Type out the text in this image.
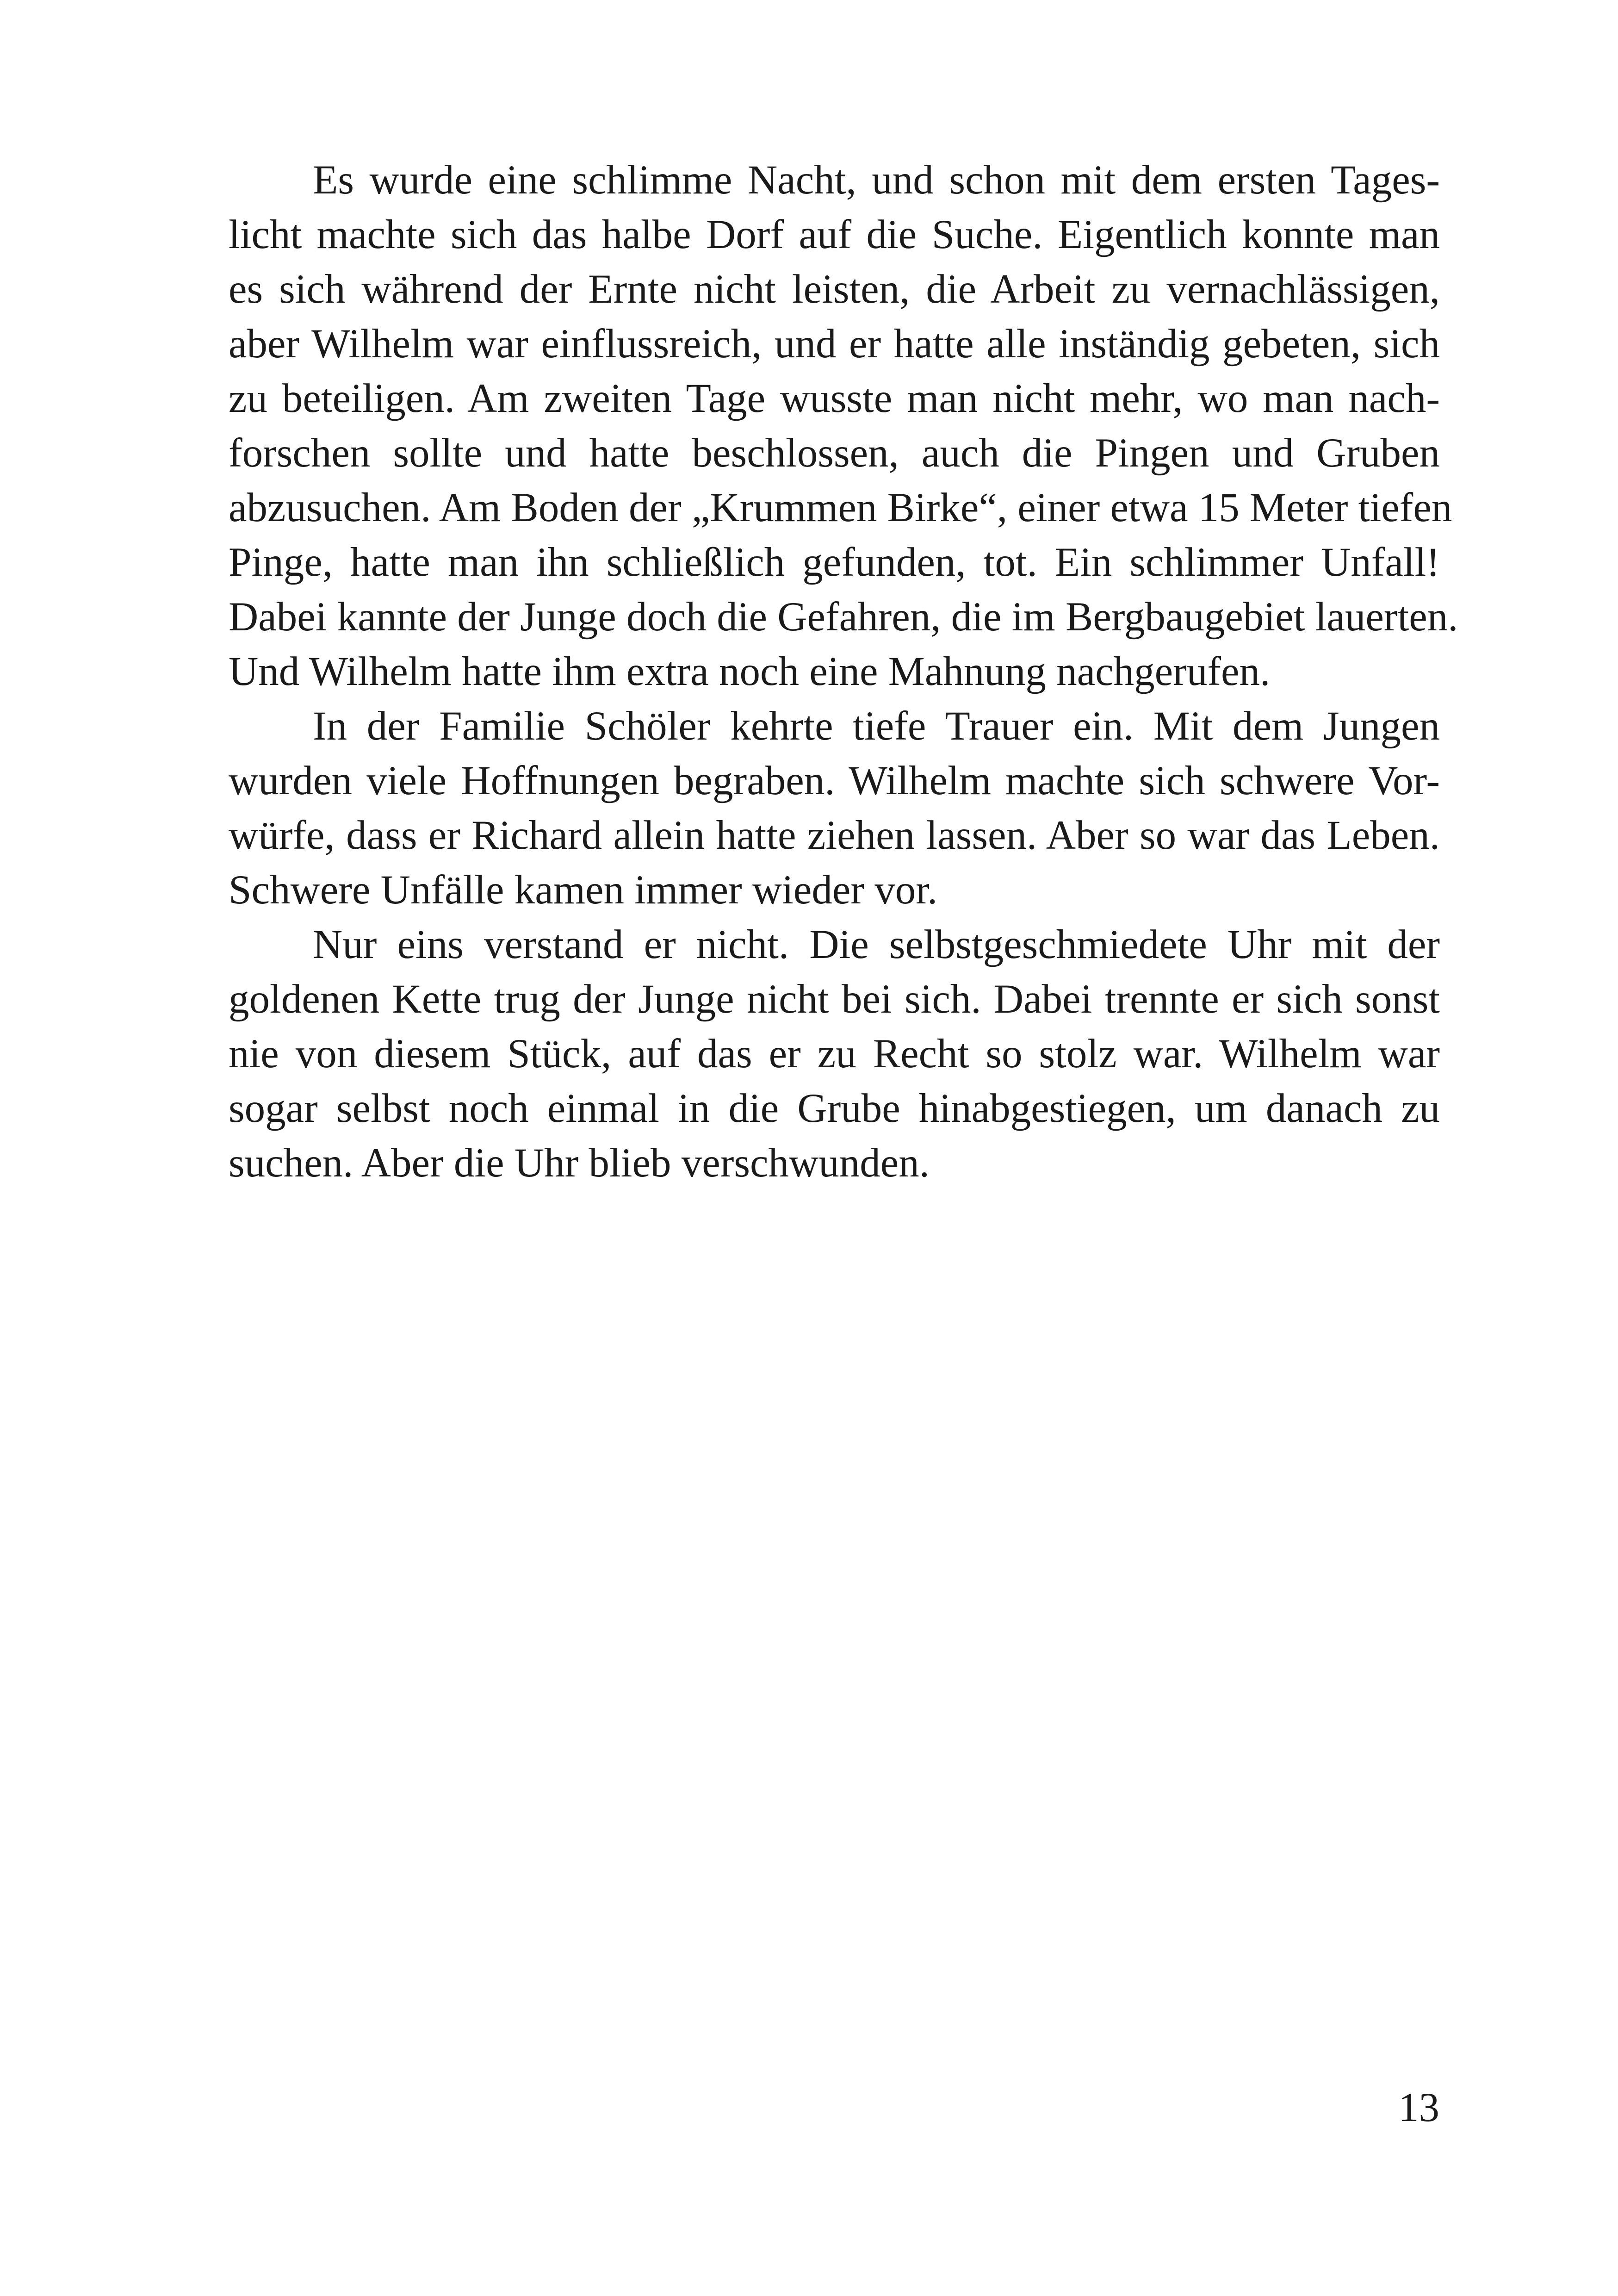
Es wurde eine schlimme Nacht, und schon mit dem ersten Tages-
licht machte sich das halbe Dorf auf die Suche. Eigentlich konnte man
es sich während der Ernte nicht leisten, die Arbeit zu vernachlässigen,
aber Wilhelm war einflussreich, und er hatte alle inständig gebeten, sich
zu beteiligen. Am zweiten Tage wusste man nicht mehr, wo man nach-
forschen sollte und hatte beschlossen, auch die Pingen und Gruben
abzusuchen. Am Boden der „Krummen Birke“, einer etwa 15 Meter tiefen
Pinge, hatte man ihn schließlich gefunden, tot. Ein schlimmer Unfall!
Dabei kannte der Junge doch die Gefahren, die im Bergbaugebiet lauerten.
Und Wilhelm hatte ihm extra noch eine Mahnung nachgerufen.
In der Familie Schöler kehrte tiefe Trauer ein. Mit dem Jungen
wurden viele Hoffnungen begraben. Wilhelm machte sich schwere Vor-
würfe, dass er Richard allein hatte ziehen lassen. Aber so war das Leben.
Schwere Unfälle kamen immer wieder vor.
Nur eins verstand er nicht. Die selbstgeschmiedete Uhr mit der
goldenen Kette trug der Junge nicht bei sich. Dabei trennte er sich sonst
nie von diesem Stück, auf das er zu Recht so stolz war. Wilhelm war
sogar selbst noch einmal in die Grube hinabgestiegen, um danach zu
suchen. Aber die Uhr blieb verschwunden.
13
